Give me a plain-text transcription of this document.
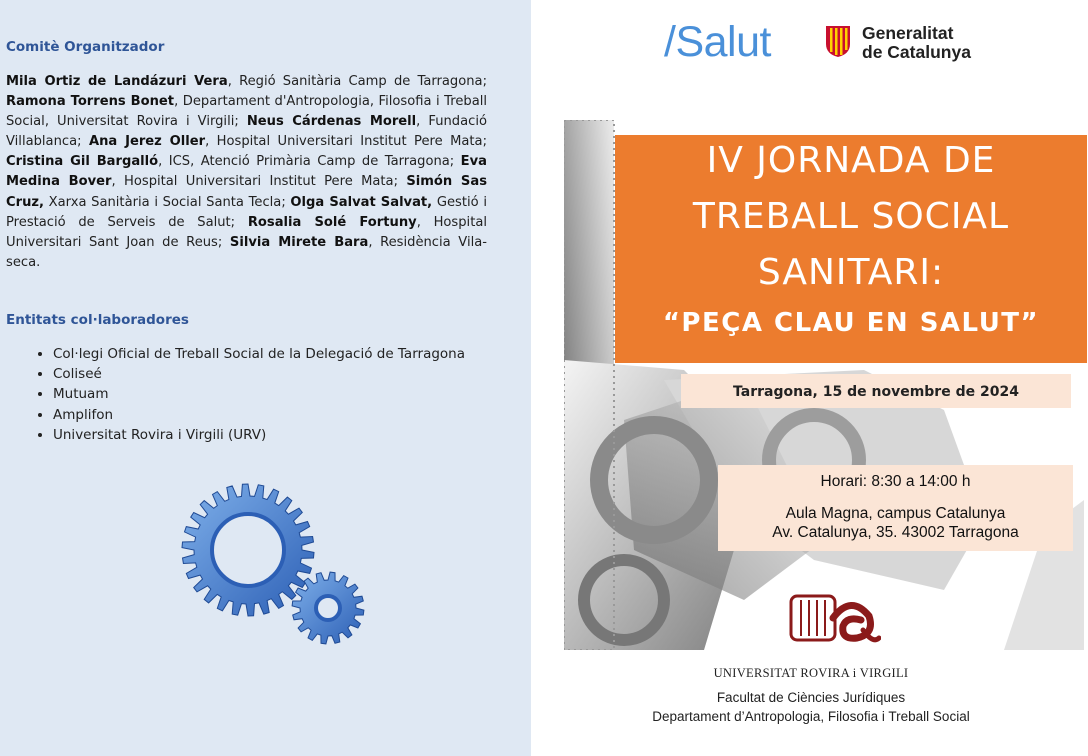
Comitè Organitzador
Mila Ortiz de Landázuri Vera, Regió Sanitària Camp de Tarragona; Ramona Torrens Bonet, Departament d'Antropologia, Filosofia i Treball Social, Universitat Rovira i Virgili; Neus Cárdenas Morell, Fundació Villablanca; Ana Jerez Oller, Hospital Universitari Institut Pere Mata; Cristina Gil Bargalló, ICS, Atenció Primària Camp de Tarragona; Eva Medina Bover, Hospital Universitari Institut Pere Mata; Simón Sas Cruz, Xarxa Sanitària i Social Santa Tecla; Olga Salvat Salvat, Gestió i Prestació de Serveis de Salut; Rosalia Solé Fortuny, Hospital Universitari Sant Joan de Reus; Silvia Mirete Bara, Residència Vila-seca.
Entitats col·laboradores
• Col·legi Oficial de Treball Social de la Delegació de Tarragona
• Coliseé
• Mutuam
• Amplifon
• Universitat Rovira i Virgili (URV)
/Salut	Generalitat
de Catalunya
IV JORNADA DE
TREBALL SOCIAL
SANITARI:
“PEÇA CLAU EN SALUT”
Tarragona, 15 de novembre de 2024
Horari: 8:30 a 14:00 h
Aula Magna, campus Catalunya
Av. Catalunya, 35. 43002 Tarragona
UNIVERSITAT ROVIRA i VIRGILI
Facultat de Ciències Jurídiques
Departament d’Antropologia, Filosofia i Treball Social
